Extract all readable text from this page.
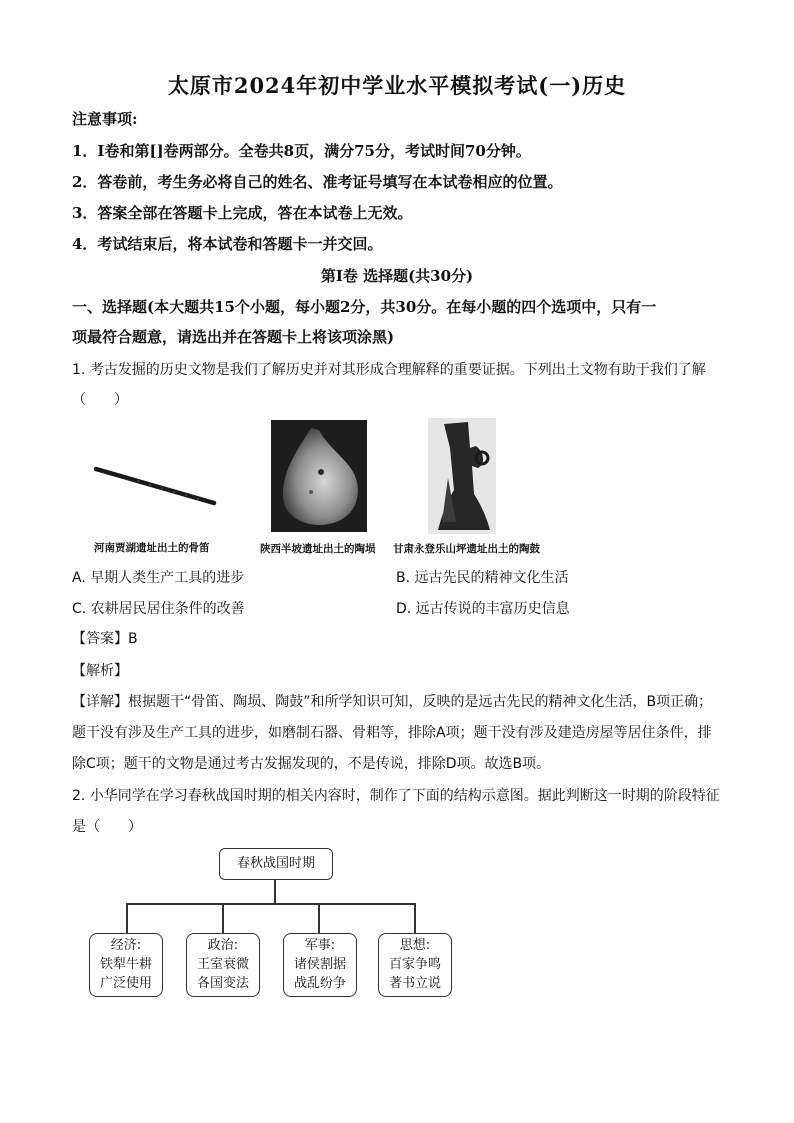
太原市2024年初中学业水平模拟考试(一)历史
注意事项:
1．I卷和第[]卷两部分。全卷共8页，满分75分，考试时间70分钟。
2．答卷前，考生务必将自己的姓名、准考证号填写在本试卷相应的位置。
3．答案全部在答题卡上完成，答在本试卷上无效。
4．考试结束后，将本试卷和答题卡一并交回。
第I卷 选择题(共30分)
一、选择题(本大题共15个小题，每小题2分，共30分。在每小题的四个选项中，只有一
项最符合题意，请选出并在答题卡上将该项涂黑)
1. 考古发掘的历史文物是我们了解历史并对其形成合理解释的重要证据。下列出土文物有助于我们了解
（　　）
河南贾湖遗址出土的骨笛	陕西半坡遗址出土的陶埙 甘肃永登乐山坪遗址出土的陶鼓
A. 早期人类生产工具的进步	B. 远古先民的精神文化生活
C. 农耕居民居住条件的改善	D. 远古传说的丰富历史信息
【答案】B
【解析】
【详解】根据题干“骨笛、陶埙、陶鼓”和所学知识可知，反映的是远古先民的精神文化生活，B项正确；
题干没有涉及生产工具的进步，如磨制石器、骨耜等，排除A项；题干没有涉及建造房屋等居住条件，排
除C项；题干的文物是通过考古发掘发现的，不是传说，排除D项。故选B项。
2. 小华同学在学习春秋战国时期的相关内容时，制作了下面的结构示意图。据此判断这一时期的阶段特征
是（　　）
春秋战国时期
经济:
铁犁牛耕
广泛使用
政治:
王室衰微
各国变法
军事:
诸侯割据
战乱纷争
思想:
百家争鸣
著书立说
